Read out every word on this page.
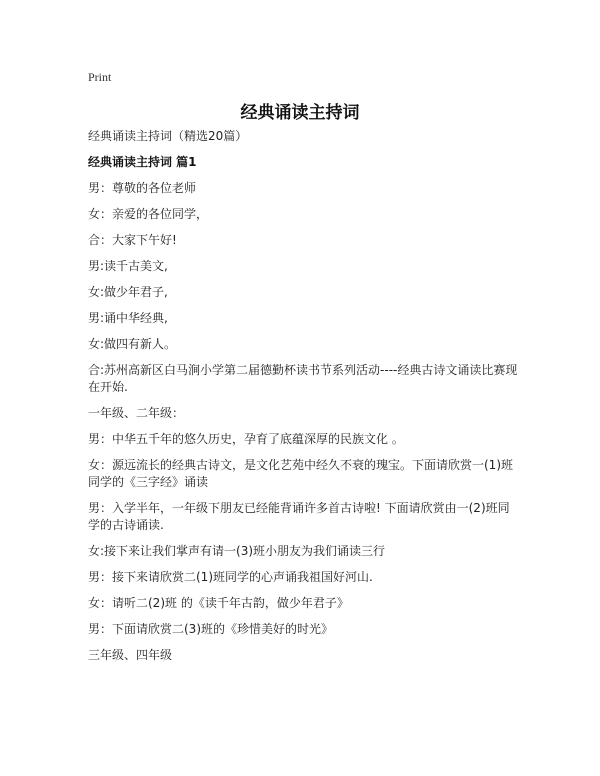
Print
经典诵读主持词

经典诵读主持词（精选20篇）

经典诵读主持词 篇1

男：尊敬的各位老师

女：亲爱的各位同学，

合：大家下午好!

男:读千古美文,

女:做少年君子,

男:诵中华经典,

女:做四有新人。

合:苏州高新区白马涧小学第二届德勤杯读书节系列活动----经典古诗文诵读比赛现在开始.

一年级、二年级：

男：中华五千年的悠久历史，孕育了底蕴深厚的民族文化 。

女：源远流长的经典古诗文，是文化艺苑中经久不衰的瑰宝。下面请欣赏一(1)班同学的《三字经》诵读

男：入学半年，一年级下朋友已经能背诵许多首古诗啦! 下面请欣赏由一(2)班同学的古诗诵读.

女:接下来让我们掌声有请一(3)班小朋友为我们诵读三行

男：接下来请欣赏二(1)班同学的心声诵我祖国好河山.

女：请听二(2)班 的《读千年古韵，做少年君子》

男：下面请欣赏二(3)班的《珍惜美好的时光》

三年级、四年级
